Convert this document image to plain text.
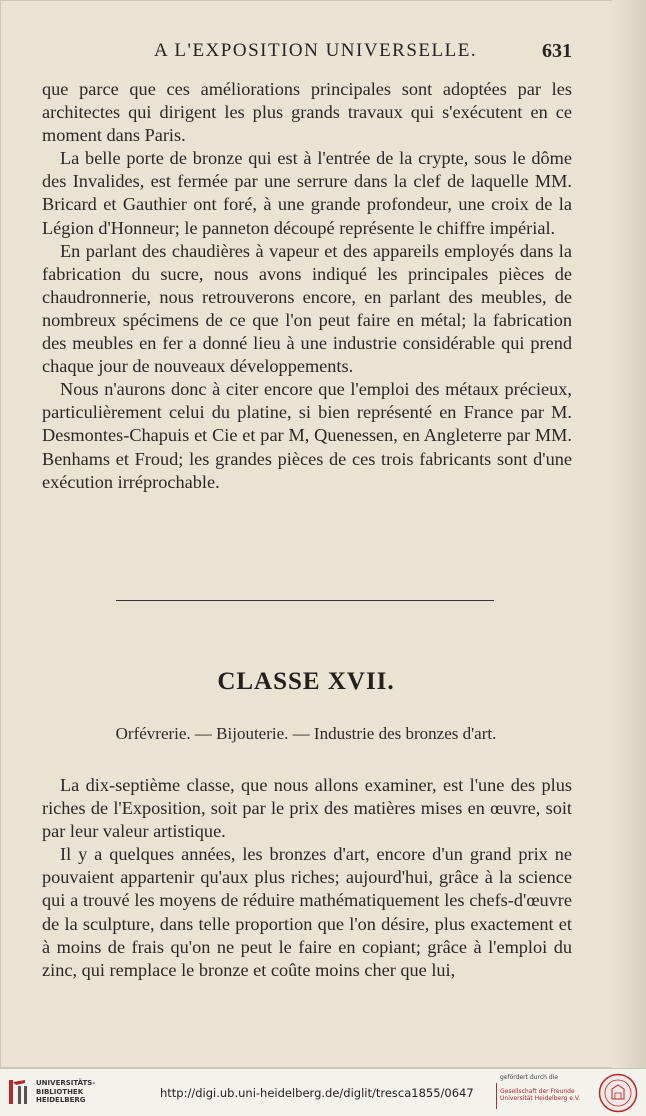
A L'EXPOSITION UNIVERSELLE.	631

que parce que ces améliorations principales sont adoptées par les architectes qui dirigent les plus grands travaux qui s'exécutent en ce moment dans Paris.

La belle porte de bronze qui est à l'entrée de la crypte, sous le dôme des Invalides, est fermée par une serrure dans la clef de laquelle MM. Bricard et Gauthier ont foré, à une grande profondeur, une croix de la Légion d'Honneur; le panneton découpé représente le chiffre impérial.

En parlant des chaudières à vapeur et des appareils employés dans la fabrication du sucre, nous avons indiqué les principales pièces de chaudronnerie, nous retrouverons encore, en parlant des meubles, de nombreux spécimens de ce que l'on peut faire en métal; la fabrication des meubles en fer a donné lieu à une industrie considérable qui prend chaque jour de nouveaux développements.

Nous n'aurons donc à citer encore que l'emploi des métaux précieux, particulièrement celui du platine, si bien représenté en France par M. Desmontes-Chapuis et Cie et par M, Quenessen, en Angleterre par MM. Benhams et Froud; les grandes pièces de ces trois fabricants sont d'une exécution irréprochable.

CLASSE XVII.
Orfévrerie. — Bijouterie. — Industrie des bronzes d'art.

La dix-septième classe, que nous allons examiner, est l'une des plus riches de l'Exposition, soit par le prix des matières mises en œuvre, soit par leur valeur artistique.

Il y a quelques années, les bronzes d'art, encore d'un grand prix ne pouvaient appartenir qu'aux plus riches; aujourd'hui, grâce à la science qui a trouvé les moyens de réduire mathématiquement les chefs-d'œuvre de la sculpture, dans telle proportion que l'on désire, plus exactement et à moins de frais qu'on ne peut le faire en copiant; grâce à l'emploi du zinc, qui remplace le bronze et coûte moins cher que lui,

UNIVERSITÄTS-
BIBLIOTHEK
HEIDELBERG	http://digi.ub.uni-heidelberg.de/diglit/tresca1855/0647
gefördert durch die
Gesellschaft der Freunde
Universität Heidelberg e.V.
